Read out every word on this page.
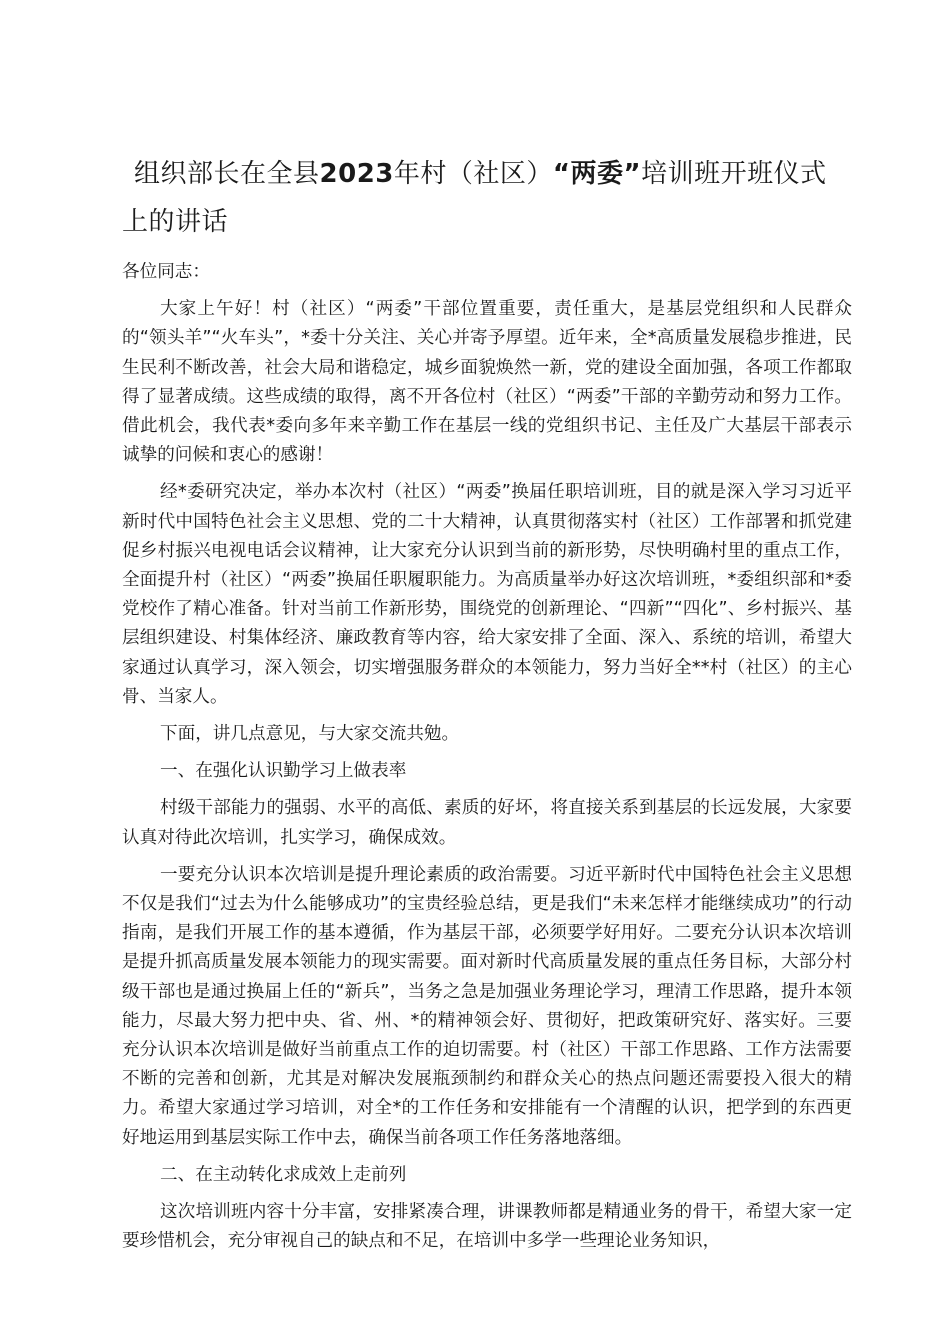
组织部长在全县2023年村（社区）“两委”培训班开班仪式上的讲话

各位同志：

大家上午好！村（社区）“两委”干部位置重要，责任重大，是基层党组织和人民群众的“领头羊”“火车头”，*委十分关注、关心并寄予厚望。近年来，全*高质量发展稳步推进，民生民利不断改善，社会大局和谐稳定，城乡面貌焕然一新，党的建设全面加强，各项工作都取得了显著成绩。这些成绩的取得，离不开各位村（社区）“两委”干部的辛勤劳动和努力工作。借此机会，我代表*委向多年来辛勤工作在基层一线的党组织书记、主任及广大基层干部表示诚挚的问候和衷心的感谢！

经*委研究决定，举办本次村（社区）“两委”换届任职培训班，目的就是深入学习习近平新时代中国特色社会主义思想、党的二十大精神，认真贯彻落实村（社区）工作部署和抓党建促乡村振兴电视电话会议精神，让大家充分认识到当前的新形势，尽快明确村里的重点工作，全面提升村（社区）“两委”换届任职履职能力。为高质量举办好这次培训班，*委组织部和*委党校作了精心准备。针对当前工作新形势，围绕党的创新理论、“四新”“四化”、乡村振兴、基层组织建设、村集体经济、廉政教育等内容，给大家安排了全面、深入、系统的培训，希望大家通过认真学习，深入领会，切实增强服务群众的本领能力，努力当好全**村（社区）的主心骨、当家人。

下面，讲几点意见，与大家交流共勉。

一、在强化认识勤学习上做表率

村级干部能力的强弱、水平的高低、素质的好坏，将直接关系到基层的长远发展，大家要认真对待此次培训，扎实学习，确保成效。

一要充分认识本次培训是提升理论素质的政治需要。习近平新时代中国特色社会主义思想不仅是我们“过去为什么能够成功”的宝贵经验总结，更是我们“未来怎样才能继续成功”的行动指南，是我们开展工作的基本遵循，作为基层干部，必须要学好用好。二要充分认识本次培训是提升抓高质量发展本领能力的现实需要。面对新时代高质量发展的重点任务目标，大部分村级干部也是通过换届上任的“新兵”，当务之急是加强业务理论学习，理清工作思路，提升本领能力，尽最大努力把中央、省、州、*的精神领会好、贯彻好，把政策研究好、落实好。三要充分认识本次培训是做好当前重点工作的迫切需要。村（社区）干部工作思路、工作方法需要不断的完善和创新，尤其是对解决发展瓶颈制约和群众关心的热点问题还需要投入很大的精力。希望大家通过学习培训，对全*的工作任务和安排能有一个清醒的认识，把学到的东西更好地运用到基层实际工作中去，确保当前各项工作任务落地落细。

二、在主动转化求成效上走前列

这次培训班内容十分丰富，安排紧凑合理，讲课教师都是精通业务的骨干，希望大家一定要珍惜机会，充分审视自己的缺点和不足，在培训中多学一些理论业务知识，
